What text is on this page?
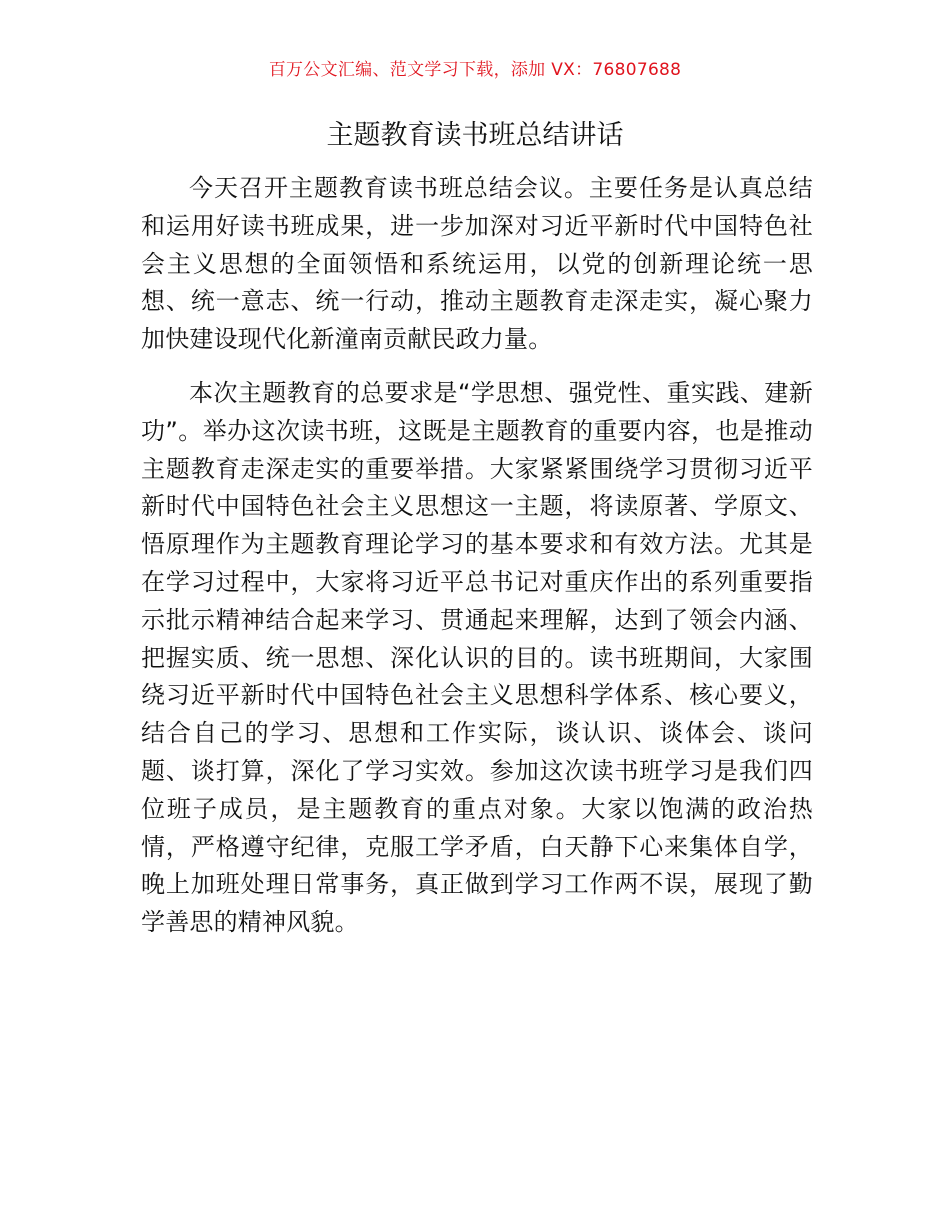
百万公文汇编、范文学习下载，添加 VX：76807688
主题教育读书班总结讲话

今天召开主题教育读书班总结会议。主要任务是认真总结和运用好读书班成果，进一步加深对习近平新时代中国特色社会主义思想的全面领悟和系统运用，以党的创新理论统一思想、统一意志、统一行动，推动主题教育走深走实，凝心聚力加快建设现代化新潼南贡献民政力量。

本次主题教育的总要求是“学思想、强党性、重实践、建新功”。举办这次读书班，这既是主题教育的重要内容，也是推动主题教育走深走实的重要举措。大家紧紧围绕学习贯彻习近平新时代中国特色社会主义思想这一主题，将读原著、学原文、悟原理作为主题教育理论学习的基本要求和有效方法。尤其是在学习过程中，大家将习近平总书记对重庆作出的系列重要指示批示精神结合起来学习、贯通起来理解，达到了领会内涵、把握实质、统一思想、深化认识的目的。读书班期间，大家围绕习近平新时代中国特色社会主义思想科学体系、核心要义，结合自己的学习、思想和工作实际，谈认识、谈体会、谈问题、谈打算，深化了学习实效。参加这次读书班学习是我们四位班子成员，是主题教育的重点对象。大家以饱满的政治热情，严格遵守纪律，克服工学矛盾，白天静下心来集体自学，晚上加班处理日常事务，真正做到学习工作两不误，展现了勤学善思的精神风貌。
